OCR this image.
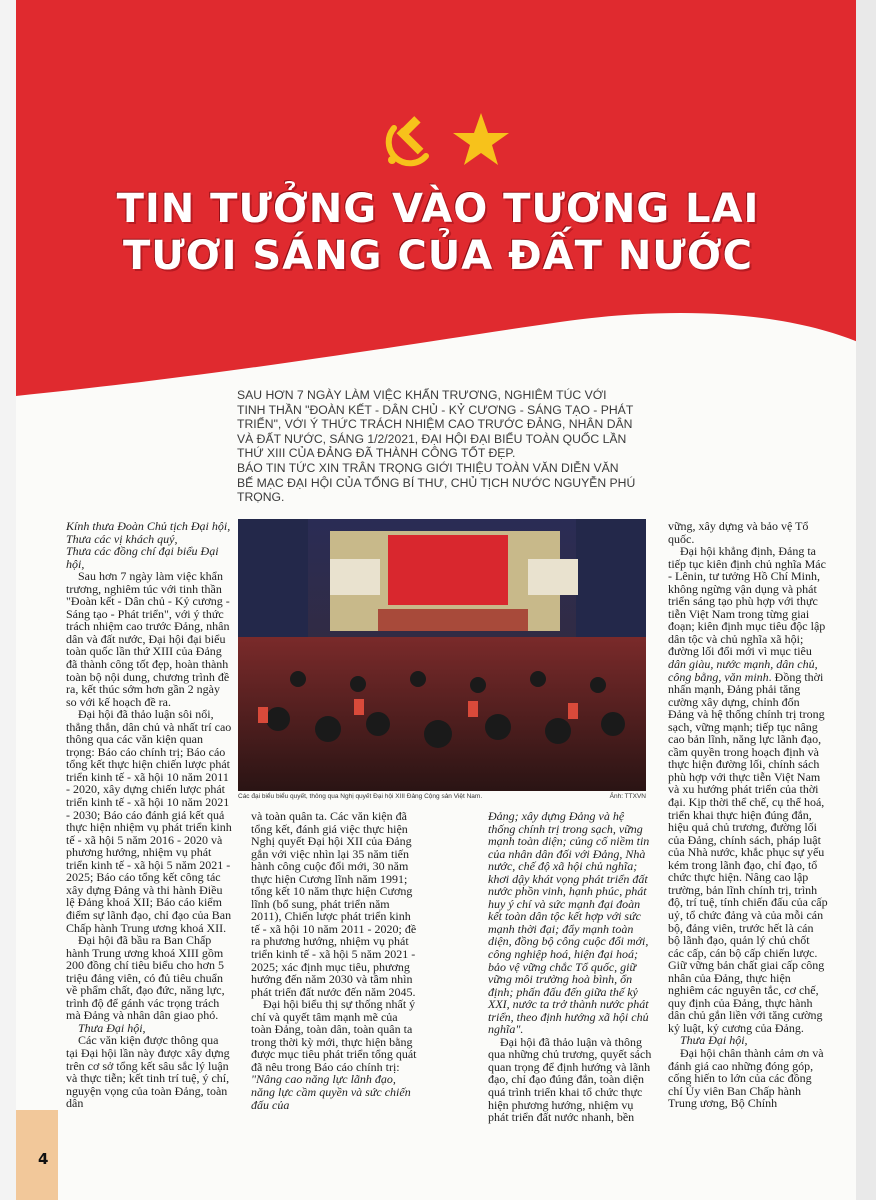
TIN TƯỞNG VÀO TƯƠNG LAI
TƯƠI SÁNG CỦA ĐẤT NƯỚC

SAU HƠN 7 NGÀY LÀM VIỆC KHẨN TRƯƠNG, NGHIÊM TÚC VỚI TINH THẦN "ĐOÀN KẾT - DÂN CHỦ - KỶ CƯƠNG - SÁNG TẠO - PHÁT TRIỂN", VỚI Ý THỨC TRÁCH NHIỆM CAO TRƯỚC ĐẢNG, NHÂN DÂN VÀ ĐẤT NƯỚC, SÁNG 1/2/2021, ĐẠI HỘI ĐẠI BIỂU TOÀN QUỐC LẦN THỨ XIII CỦA ĐẢNG ĐÃ THÀNH CÔNG TỐT ĐẸP.

BÁO TIN TỨC XIN TRÂN TRỌNG GIỚI THIỆU TOÀN VĂN DIỄN VĂN BẾ MẠC ĐẠI HỘI CỦA TỔNG BÍ THƯ, CHỦ TỊCH NƯỚC NGUYỄN PHÚ TRỌNG.

Kính thưa Đoàn Chủ tịch Đại hội,

Thưa các vị khách quý,

Thưa các đồng chí đại biểu Đại hội,

Sau hơn 7 ngày làm việc khẩn trương, nghiêm túc với tinh thần "Đoàn kết - Dân chủ - Kỷ cương - Sáng tạo - Phát triển", với ý thức trách nhiệm cao trước Đảng, nhân dân và đất nước, Đại hội đại biểu toàn quốc lần thứ XIII của Đảng đã thành công tốt đẹp, hoàn thành toàn bộ nội dung, chương trình đề ra, kết thúc sớm hơn gần 2 ngày so với kế hoạch đề ra.

Đại hội đã thảo luận sôi nổi, thẳng thắn, dân chủ và nhất trí cao thông qua các văn kiện quan trọng: Báo cáo chính trị; Báo cáo tổng kết thực hiện chiến lược phát triển kinh tế - xã hội 10 năm 2011 - 2020, xây dựng chiến lược phát triển kinh tế - xã hội 10 năm 2021 - 2030; Báo cáo đánh giá kết quả thực hiện nhiệm vụ phát triển kinh tế - xã hội 5 năm 2016 - 2020 và phương hướng, nhiệm vụ phát triển kinh tế - xã hội 5 năm 2021 - 2025; Báo cáo tổng kết công tác xây dựng Đảng và thi hành Điều lệ Đảng khoá XII; Báo cáo kiểm điểm sự lãnh đạo, chỉ đạo của Ban Chấp hành Trung ương khoá XII.

Đại hội đã bầu ra Ban Chấp hành Trung ương khoá XIII gồm 200 đồng chí tiêu biểu cho hơn 5 triệu đảng viên, có đủ tiêu chuẩn về phẩm chất, đạo đức, năng lực, trình độ để gánh vác trọng trách mà Đảng và nhân dân giao phó.

Thưa Đại hội,

Các văn kiện được thông qua tại Đại hội lần này được xây dựng trên cơ sở tổng kết sâu sắc lý luận và thực tiễn; kết tinh trí tuệ, ý chí, nguyện vọng của toàn Đảng, toàn dân

Các đại biểu biểu quyết, thông qua Nghị quyết Đại hội XIII Đảng Cộng sản Việt Nam.	Ảnh: TTXVN

và toàn quân ta. Các văn kiện đã tổng kết, đánh giá việc thực hiện Nghị quyết Đại hội XII của Đảng gắn với việc nhìn lại 35 năm tiến hành công cuộc đổi mới, 30 năm thực hiện Cương lĩnh năm 1991; tổng kết 10 năm thực hiện Cương lĩnh (bổ sung, phát triển năm 2011), Chiến lược phát triển kinh tế - xã hội 10 năm 2011 - 2020; đề ra phương hướng, nhiệm vụ phát triển kinh tế - xã hội 5 năm 2021 - 2025; xác định mục tiêu, phương hướng đến năm 2030 và tầm nhìn phát triển đất nước đến năm 2045.

Đại hội biểu thị sự thống nhất ý chí và quyết tâm mạnh mẽ của toàn Đảng, toàn dân, toàn quân ta trong thời kỳ mới, thực hiện bằng được mục tiêu phát triển tổng quát đã nêu trong Báo cáo chính trị: "Nâng cao năng lực lãnh đạo, năng lực cầm quyền và sức chiến đấu của

Đảng; xây dựng Đảng và hệ thống chính trị trong sạch, vững mạnh toàn diện; củng cố niềm tin của nhân dân đối với Đảng, Nhà nước, chế độ xã hội chủ nghĩa; khơi dậy khát vọng phát triển đất nước phồn vinh, hạnh phúc, phát huy ý chí và sức mạnh đại đoàn kết toàn dân tộc kết hợp với sức mạnh thời đại; đẩy mạnh toàn diện, đồng bộ công cuộc đổi mới, công nghiệp hoá, hiện đại hoá; bảo vệ vững chắc Tổ quốc, giữ vững môi trường hoà bình, ổn định; phấn đấu đến giữa thế kỷ XXI, nước ta trở thành nước phát triển, theo định hướng xã hội chủ nghĩa".

Đại hội đã thảo luận và thông qua những chủ trương, quyết sách quan trọng để định hướng và lãnh đạo, chỉ đạo đúng đắn, toàn diện quá trình triển khai tổ chức thực hiện phương hướng, nhiệm vụ phát triển đất nước nhanh, bền

vững, xây dựng và bảo vệ Tổ quốc.

Đại hội khẳng định, Đảng ta tiếp tục kiên định chủ nghĩa Mác - Lênin, tư tưởng Hồ Chí Minh, không ngừng vận dụng và phát triển sáng tạo phù hợp với thực tiễn Việt Nam trong từng giai đoạn; kiên định mục tiêu độc lập dân tộc và chủ nghĩa xã hội; đường lối đổi mới vì mục tiêu dân giàu, nước mạnh, dân chủ, công bằng, văn minh. Đồng thời nhấn mạnh, Đảng phải tăng cường xây dựng, chỉnh đốn Đảng và hệ thống chính trị trong sạch, vững mạnh; tiếp tục nâng cao bản lĩnh, năng lực lãnh đạo, cầm quyền trong hoạch định và thực hiện đường lối, chính sách phù hợp với thực tiễn Việt Nam và xu hướng phát triển của thời đại. Kịp thời thể chế, cụ thể hoá, triển khai thực hiện đúng đắn, hiệu quả chủ trương, đường lối của Đảng, chính sách, pháp luật của Nhà nước, khắc phục sự yếu kém trong lãnh đạo, chỉ đạo, tổ chức thực hiện. Nâng cao lập trường, bản lĩnh chính trị, trình độ, trí tuệ, tính chiến đấu của cấp uỷ, tổ chức đảng và của mỗi cán bộ, đảng viên, trước hết là cán bộ lãnh đạo, quản lý chủ chốt các cấp, cán bộ cấp chiến lược. Giữ vững bản chất giai cấp công nhân của Đảng, thực hiện nghiêm các nguyên tắc, cơ chế, quy định của Đảng, thực hành dân chủ gắn liền với tăng cường kỷ luật, kỷ cương của Đảng.

Thưa Đại hội,

Đại hội chân thành cảm ơn và đánh giá cao những đóng góp, cống hiến to lớn của các đồng chí Ủy viên Ban Chấp hành Trung ương, Bộ Chính

4
